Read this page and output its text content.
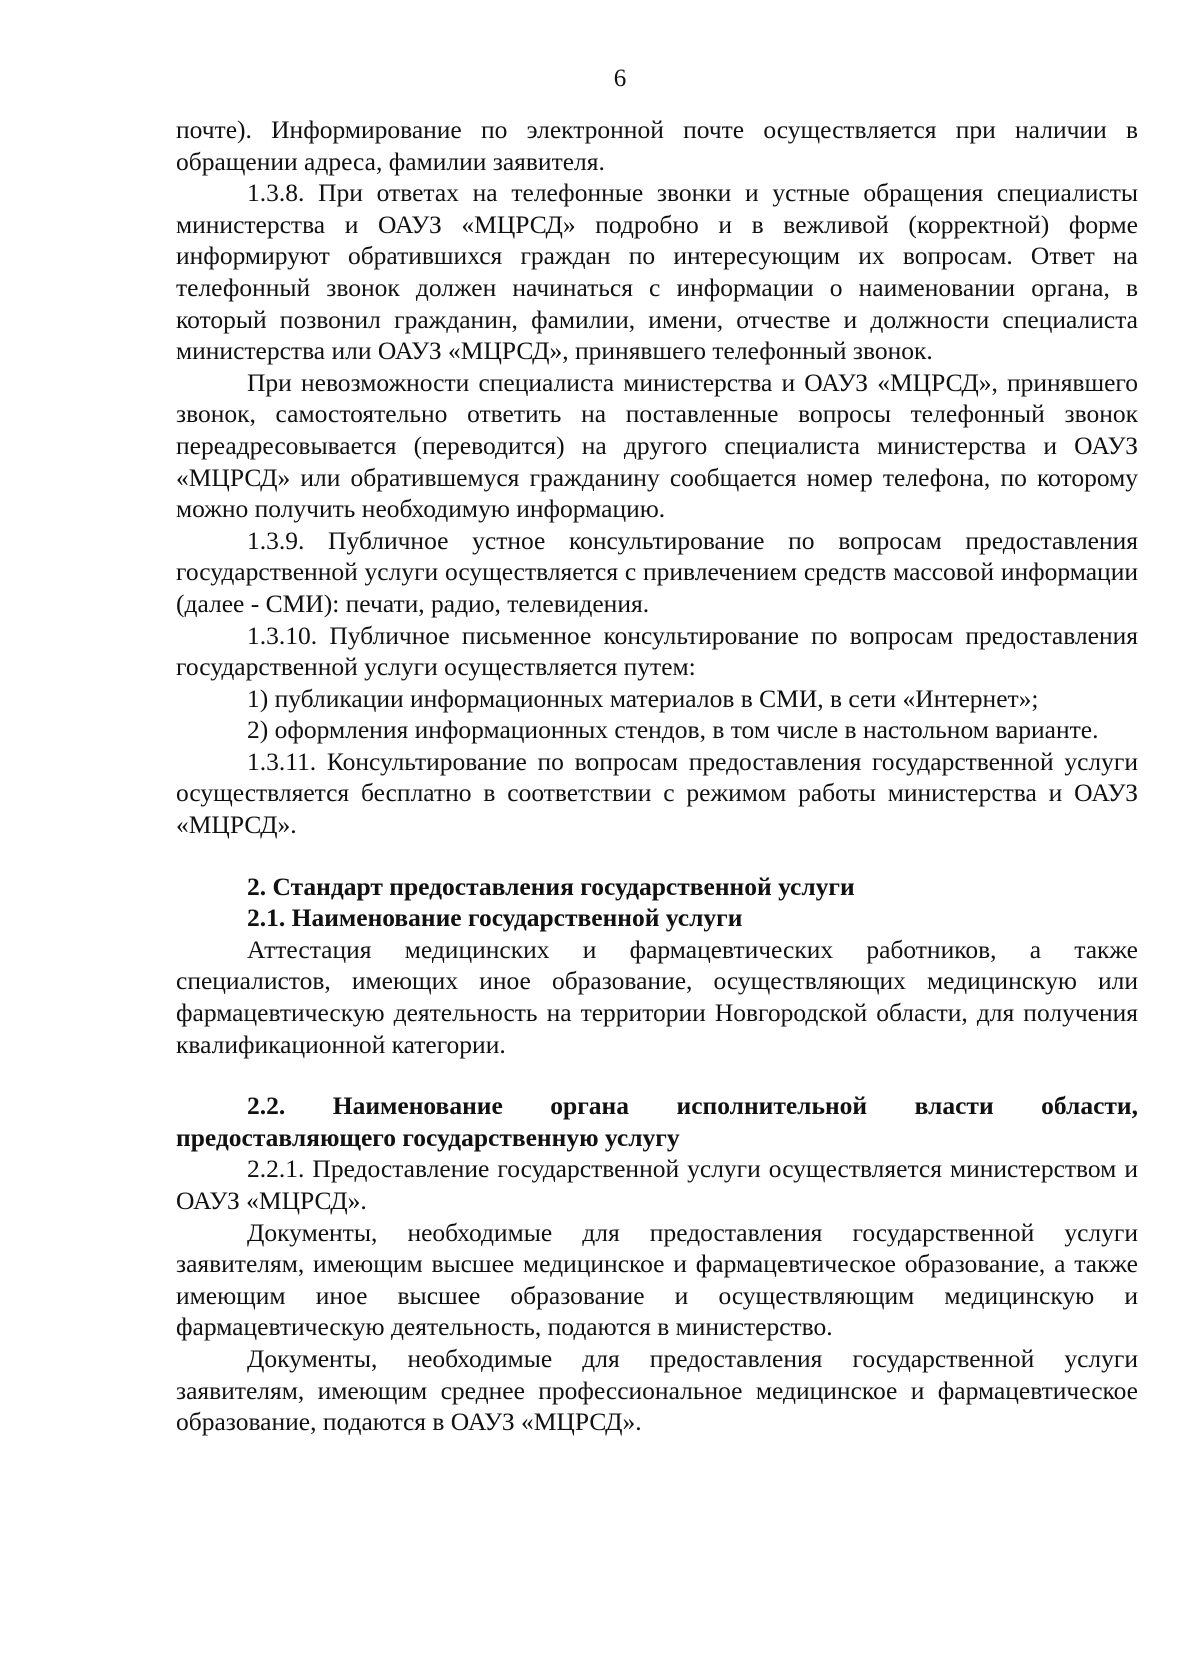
6

почте). Информирование по электронной почте осуществляется при наличии в обращении адреса, фамилии заявителя.

1.3.8. При ответах на телефонные звонки и устные обращения специалисты министерства и ОАУЗ «МЦРСД» подробно и в вежливой (корректной) форме информируют обратившихся граждан по интересующим их вопросам. Ответ на телефонный звонок должен начинаться с информации о наименовании органа, в который позвонил гражданин, фамилии, имени, отчестве и должности специалиста министерства или ОАУЗ «МЦРСД», принявшего телефонный звонок.

При невозможности специалиста министерства и ОАУЗ «МЦРСД», принявшего звонок, самостоятельно ответить на поставленные вопросы телефонный звонок переадресовывается (переводится) на другого специалиста министерства и ОАУЗ «МЦРСД» или обратившемуся гражданину сообщается номер телефона, по которому можно получить необходимую информацию.

1.3.9. Публичное устное консультирование по вопросам предоставления государственной услуги осуществляется с привлечением средств массовой информации (далее - СМИ): печати, радио, телевидения.

1.3.10. Публичное письменное консультирование по вопросам предоставления государственной услуги осуществляется путем:

1) публикации информационных материалов в СМИ, в сети «Интернет»;

2) оформления информационных стендов, в том числе в настольном варианте.

1.3.11. Консультирование по вопросам предоставления государственной услуги осуществляется бесплатно в соответствии с режимом работы министерства и ОАУЗ «МЦРСД».

2. Стандарт предоставления государственной услуги

2.1. Наименование государственной услуги

Аттестация медицинских и фармацевтических работников, а также специалистов, имеющих иное образование, осуществляющих медицинскую или фармацевтическую деятельность на территории Новгородской области, для получения квалификационной категории.

2.2. Наименование органа исполнительной власти области, предоставляющего государственную услугу

2.2.1. Предоставление государственной услуги осуществляется министерством и ОАУЗ «МЦРСД».

Документы, необходимые для предоставления государственной услуги заявителям, имеющим высшее медицинское и фармацевтическое образование, а также имеющим иное высшее образование и осуществляющим медицинскую и фармацевтическую деятельность, подаются в министерство.

Документы, необходимые для предоставления государственной услуги заявителям, имеющим среднее профессиональное медицинское и фармацевтическое образование, подаются в ОАУЗ «МЦРСД».
